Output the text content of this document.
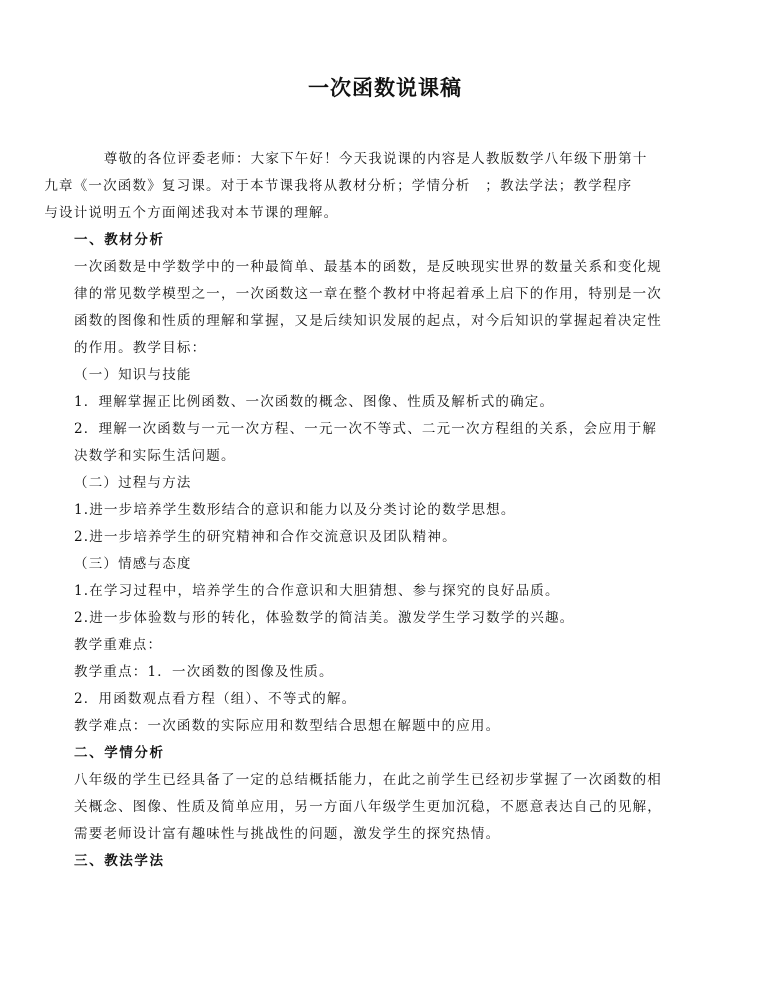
一次函数说课稿

尊敬的各位评委老师：大家下午好！今天我说课的内容是人教版数学八年级下册第十
九章《一次函数》复习课。对于本节课我将从教材分析；学情分析　；教法学法；教学程序
与设计说明五个方面阐述我对本节课的理解。

一、教材分析

一次函数是中学数学中的一种最简单、最基本的函数，是反映现实世界的数量关系和变化规
律的常见数学模型之一，一次函数这一章在整个教材中将起着承上启下的作用，特别是一次
函数的图像和性质的理解和掌握，又是后续知识发展的起点，对今后知识的掌握起着决定性
的作用。教学目标：

（一）知识与技能

1．理解掌握正比例函数、一次函数的概念、图像、性质及解析式的确定。

2．理解一次函数与一元一次方程、一元一次不等式、二元一次方程组的关系，会应用于解
决数学和实际生活问题。

（二）过程与方法

1.进一步培养学生数形结合的意识和能力以及分类讨论的数学思想。

2.进一步培养学生的研究精神和合作交流意识及团队精神。

（三）情感与态度

1.在学习过程中，培养学生的合作意识和大胆猜想、参与探究的良好品质。

2.进一步体验数与形的转化，体验数学的简洁美。激发学生学习数学的兴趣。

教学重难点：

教学重点：1．一次函数的图像及性质。

2．用函数观点看方程（组）、不等式的解。

教学难点：一次函数的实际应用和数型结合思想在解题中的应用。

二、学情分析

八年级的学生已经具备了一定的总结概括能力，在此之前学生已经初步掌握了一次函数的相
关概念、图像、性质及简单应用，另一方面八年级学生更加沉稳，不愿意表达自己的见解，
需要老师设计富有趣味性与挑战性的问题，激发学生的探究热情。

三、教法学法
